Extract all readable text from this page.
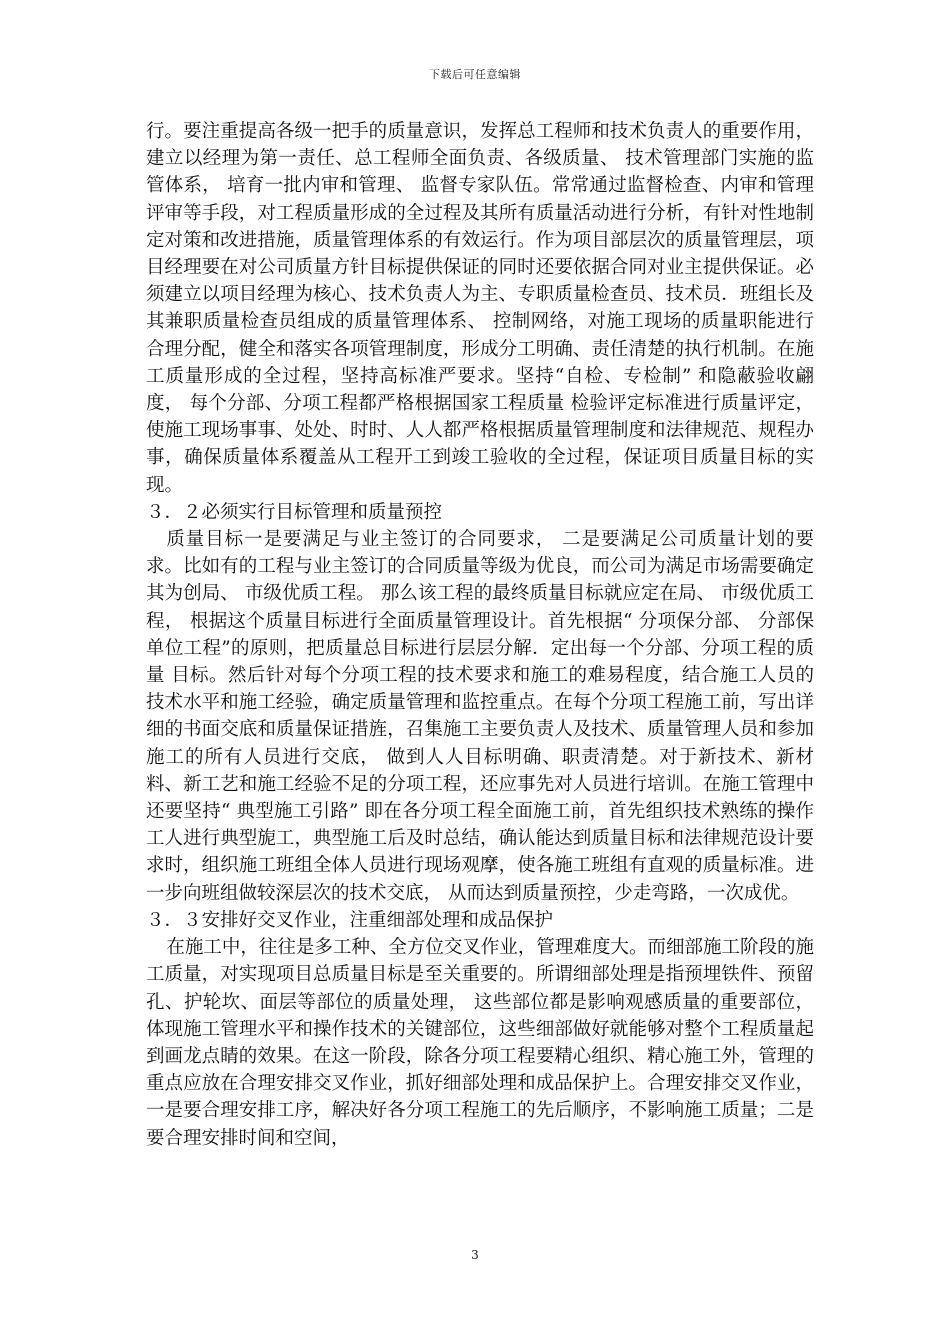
下载后可任意编辑

行。要注重提高各级一把手的质量意识，发挥总工程师和技术负责人的重要作用，建立以经理为第一责任、总工程师全面负责、各级质量、 技术管理部门实施的监管体系， 培育一批内审和管理、 监督专家队伍。常常通过监督检查、内审和管理评审等手段，对工程质量形成的全过程及其所有质量活动进行分析，有针对性地制定对策和改进措施，质量管理体系的有效运行。作为项目部层次的质量管理层，项目经理要在对公司质量方针目标提供保证的同时还要依据合同对业主提供保证。必须建立以项目经理为核心、技术负责人为主、专职质量检查员、技术员．班组长及其兼职质量检查员组成的质量管理体系、 控制网络，对施工现场的质量职能进行合理分配，健全和落实各项管理制度，形成分工明确、责任清楚的执行机制。在施工质量形成的全过程，坚持高标准严要求。坚持“自检、专检制” 和隐蔽验收翩度， 每个分部、分项工程都严格根据国家工程质量 检验评定标准进行质量评定，使施工现场事事、处处、时时、人人都严格根据质量管理制度和法律规范、规程办事，确保质量体系覆盖从工程开工到竣工验收的全过程，保证项目质量目标的实现。

３．２必须实行目标管理和质量预控

质量目标一是要满足与业主签订的合同要求， 二是要满足公司质量计划的要求。比如有的工程与业主签订的合同质量等级为优良，而公司为满足市场需要确定其为创局、 市级优质工程。 那么该工程的最终质量目标就应定在局、 市级优质工程， 根据这个质量目标进行全面质量管理设计。首先根据“ 分项保分部、 分部保单位工程”的原则，把质量总目标进行层层分解．定出每一个分部、分项工程的质量 目标。然后针对每个分项工程的技术要求和施工的难易程度，结合施工人员的技术水平和施工经验，确定质量管理和监控重点。在每个分项工程施工前，写出详细的书面交底和质量保证措旌，召集施工主要负责人及技术、质量管理人员和参加施工的所有人员进行交底， 做到人人目标明确、职责清楚。对于新技术、新材料、新工艺和施工经验不足的分项工程，还应事先对人员进行培训。在施工管理中还要坚持“ 典型施工引路” 即在各分项工程全面施工前，首先组织技术熟练的操作工人进行典型旎工，典型施工后及时总结，确认能达到质量目标和法律规范设计要求时，组织施工班组全体人员进行现场观摩，使各施工班组有直观的质量标准。进一步向班组做较深层次的技术交底， 从而达到质量预控，少走弯路，一次成优。

３．３安排好交叉作业，注重细部处理和成品保护

在施工中，往往是多工种、全方位交叉作业，管理难度大。而细部施工阶段的施工质量，对实现项目总质量目标是至关重要的。所谓细部处理是指预埋铁件、预留孔、护轮坎、面层等部位的质量处理， 这些部位都是影响观感质量的重要部位，体现施工管理水平和操作技术的关键部位，这些细部做好就能够对整个工程质量起到画龙点睛的效果。在这一阶段，除各分项工程要精心组织、精心施工外，管理的重点应放在合理安排交叉作业，抓好细部处理和成品保护上。合理安排交叉作业，一是要合理安排工序，解决好各分项工程施工的先后顺序，不影响施工质量；二是要合理安排时间和空间，

3
